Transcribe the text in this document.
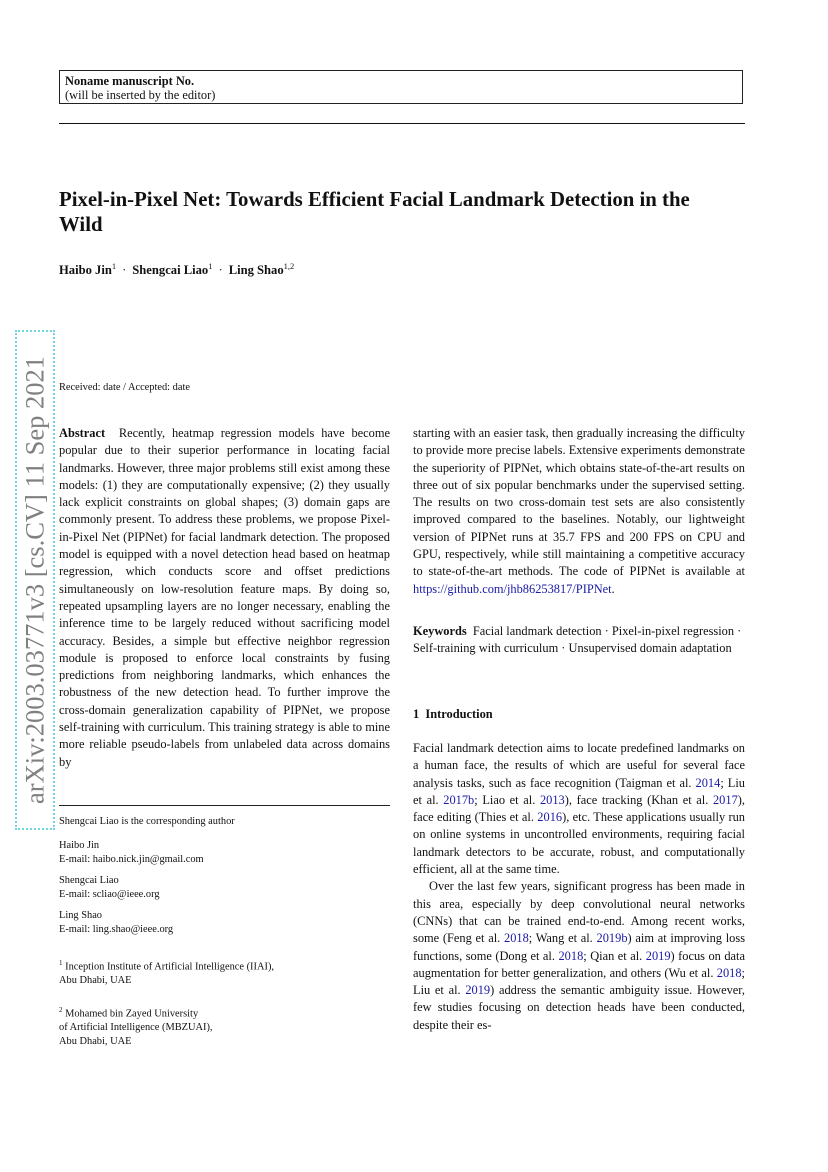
Noname manuscript No.
(will be inserted by the editor)
Pixel-in-Pixel Net: Towards Efficient Facial Landmark Detection in the
Wild
Haibo Jin$^1$ · Shengcai Liao$^1$ · Ling Shao$^{1,2}$
arXiv:2003.03771v3 [cs.CV] 11 Sep 2021 Received: date / Accepted: date

Abstract Recently, heatmap regression models have become popular due to their superior performance in locating facial landmarks. However, three major problems still exist among these models: (1) they are computationally expensive; (2) they usually lack explicit constraints on global shapes; (3) domain gaps are commonly present. To address these problems, we propose Pixel-in-Pixel Net (PIPNet) for facial landmark detection. The proposed model is equipped with a novel detection head based on heatmap regression, which conducts score and offset predictions simultaneously on low-resolution feature maps. By doing so, repeated upsampling layers are no longer necessary, enabling the inference time to be largely reduced without sacrificing model accuracy. Besides, a simple but effective neighbor regression module is proposed to enforce local constraints by fusing predictions from neighboring landmarks, which enhances the robustness of the new detection head. To further improve the cross-domain generalization capability of PIPNet, we propose self-training with curriculum. This training strategy is able to mine more reliable pseudo-labels from unlabeled data across domains by

starting with an easier task, then gradually increasing the difficulty to provide more precise labels. Extensive experiments demonstrate the superiority of PIPNet, which obtains state-of-the-art results on three out of six popular benchmarks under the supervised setting. The results on two cross-domain test sets are also consistently improved compared to the baselines. Notably, our lightweight version of PIPNet runs at 35.7 FPS and 200 FPS on CPU and GPU, respectively, while still maintaining a competitive accuracy to state-of-the-art methods. The code of PIPNet is available at https://github.com/jhb86253817/PIPNet.

Keywords Facial landmark detection · Pixel-in-pixel regression · Self-training with curriculum · Unsupervised domain adaptation

1 Introduction

Facial landmark detection aims to locate predefined landmarks on a human face, the results of which are useful for several face analysis tasks, such as face recognition (Taigman et al. 2014; Liu et al. 2017b; Liao et al. 2013), face tracking (Khan et al. 2017), face editing (Thies et al. 2016), etc. These applications usually run on online systems in uncontrolled environments, requiring facial landmark detectors to be accurate, robust, and computationally efficient, all at the same time.

Over the last few years, significant progress has been made in this area, especially by deep convolutional neural networks (CNNs) that can be trained end-to-end. Among recent works, some (Feng et al. 2018; Wang et al. 2019b) aim at improving loss functions, some (Dong et al. 2018; Qian et al. 2019) focus on data augmentation for better generalization, and others (Wu et al. 2018; Liu et al. 2019) address the semantic ambiguity issue. However, few studies focusing on detection heads have been conducted, despite their es-

Shengcai Liao is the corresponding author
Haibo Jin
E-mail: haibo.nick.jin@gmail.com
Shengcai Liao
E-mail: scliao@ieee.org
Ling Shao
E-mail: ling.shao@ieee.org
$^1$ Inception Institute of Artificial Intelligence (IIAI),
Abu Dhabi, UAE
$^2$ Mohamed bin Zayed University
of Artificial Intelligence (MBZUAI),
Abu Dhabi, UAE
